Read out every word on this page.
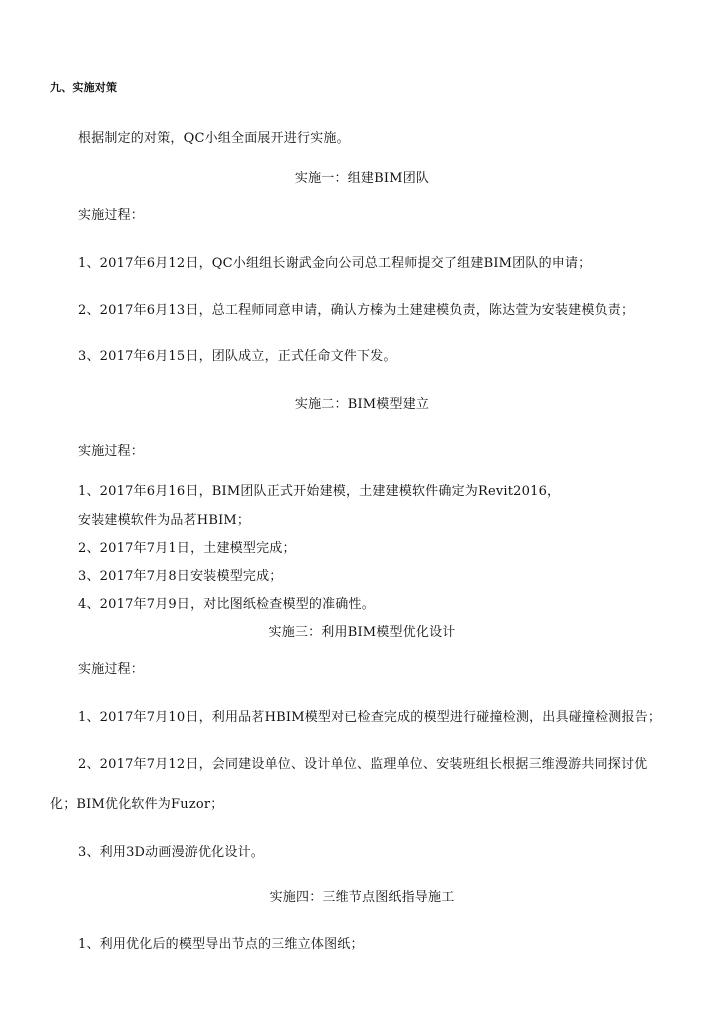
九、实施对策
根据制定的对策，QC小组全面展开进行实施。
实施一：组建BIM团队
实施过程：
1、2017年6月12日，QC小组组长谢武金向公司总工程师提交了组建BIM团队的申请；
2、2017年6月13日，总工程师同意申请，确认方榛为土建建模负责，陈达萱为安装建模负责；
3、2017年6月15日，团队成立，正式任命文件下发。
实施二：BIM模型建立
实施过程：
1、2017年6月16日，BIM团队正式开始建模，土建建模软件确定为Revit2016，
安装建模软件为品茗HBIM；
2、2017年7月1日，土建模型完成；
3、2017年7月8日安装模型完成；
4、2017年7月9日，对比图纸检查模型的准确性。
实施三：利用BIM模型优化设计
实施过程：
1、2017年7月10日，利用品茗HBIM模型对已检查完成的模型进行碰撞检测，出具碰撞检测报告；
2、2017年7月12日，会同建设单位、设计单位、监理单位、安装班组长根据三维漫游共同探讨优
化；BIM优化软件为Fuzor；
3、利用3D动画漫游优化设计。
实施四：三维节点图纸指导施工
1、利用优化后的模型导出节点的三维立体图纸；
